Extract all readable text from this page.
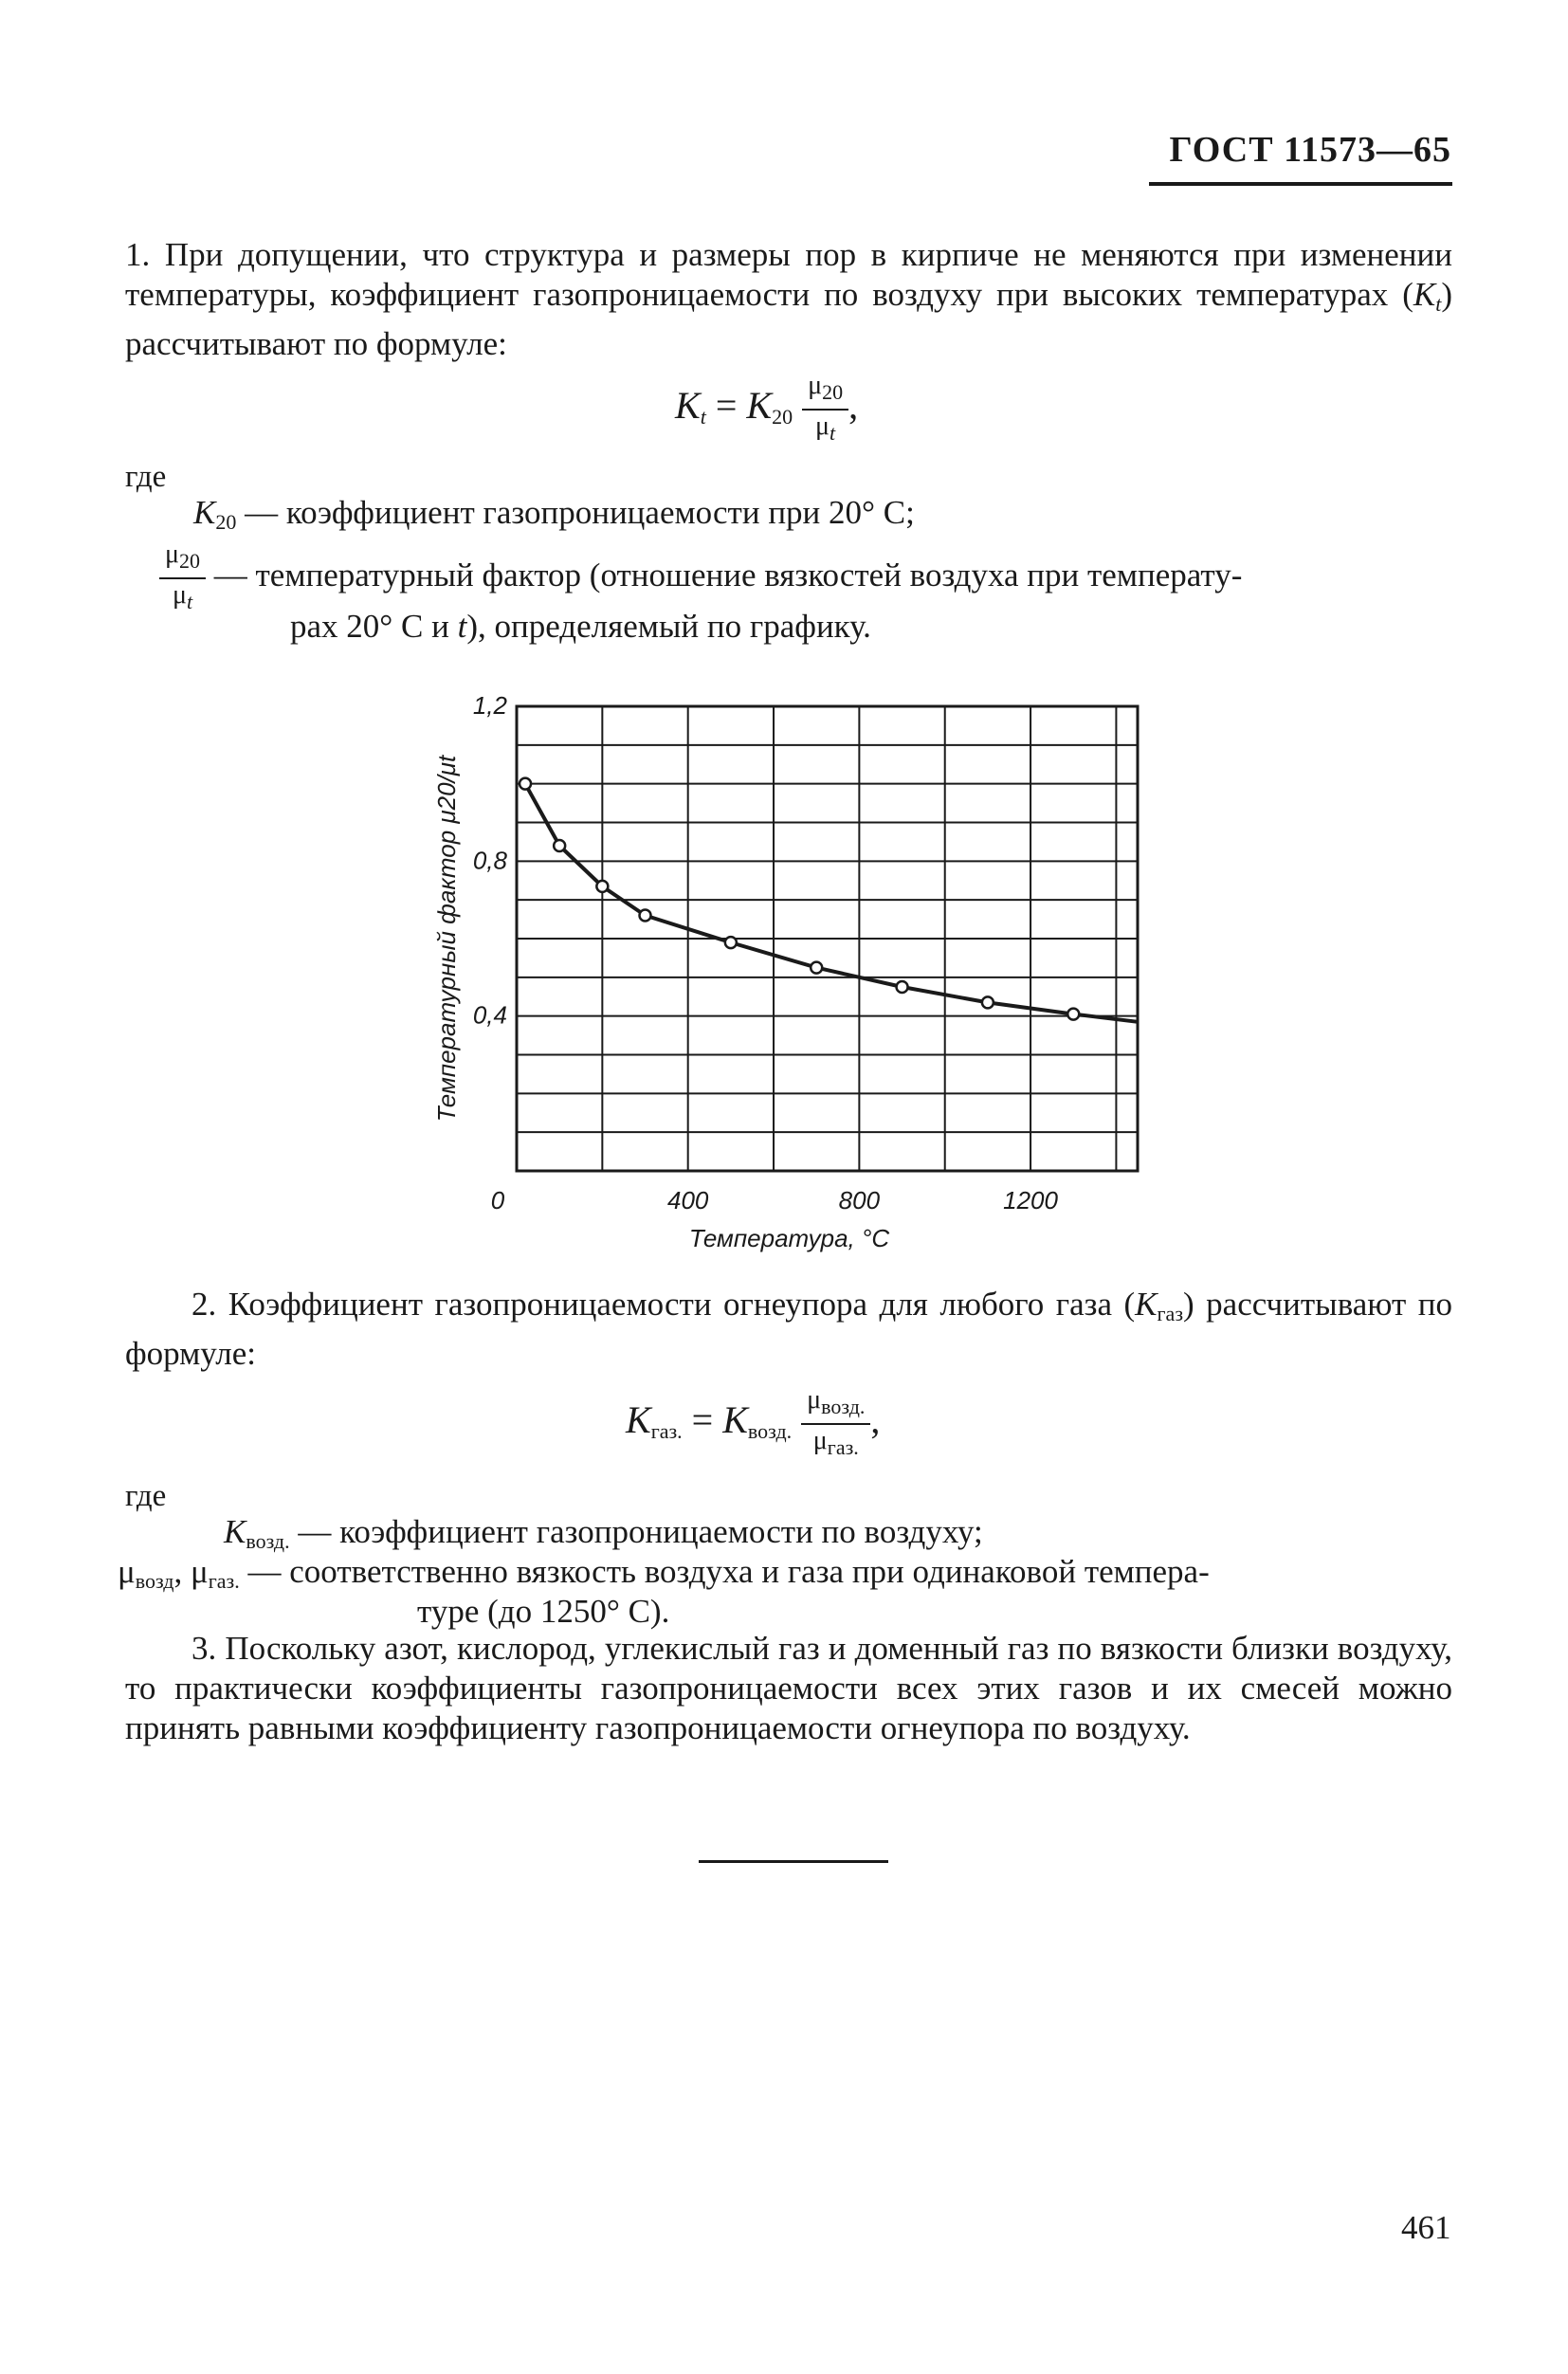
ГОСТ 11573—65
1. При допущении, что структура и размеры пор в кирпиче не меняются при изменении температуры, коэффициент газопроницаемости по воздуху при высоких температурах $(K_t)$ рассчитывают по формуле:
$K_t = K_{20} \frac{\mu_{20}}{\mu_t}$ ,
где
$K_{20}$ — коэффициент газопроницаемости при 20° С;
$\frac{\mu_{20}}{\mu_t}$ — температурный фактор (отношение вязкостей воздуха при температу-
рах 20° С и t), определяемый по графику.
0,4
0,8
1,2
0	400	800	1200
Температурный фактор μ20/μt
Температура, °С
2. Коэффициент газопроницаемости огнеупора для любого газа $(K_{газ})$ рассчитывают по формуле:
$K_{газ.} = K_{возд.} \frac{\mu_{возд.}}{\mu_{газ.}}$ ,
где
$K_{возд.}$ — коэффициент газопроницаемости по воздуху;
$\mu_{возд}$, $\mu_{газ.}$ — соответственно вязкость воздуха и газа при одинаковой темпера-
туре (до 1250° С).
3. Поскольку азот, кислород, углекислый газ и доменный газ по вязкости близки воздуху, то практически коэффициенты газопроницаемости всех этих газов и их смесей можно принять равными коэффициенту газопроницаемости огнеупора по воздуху.
461
